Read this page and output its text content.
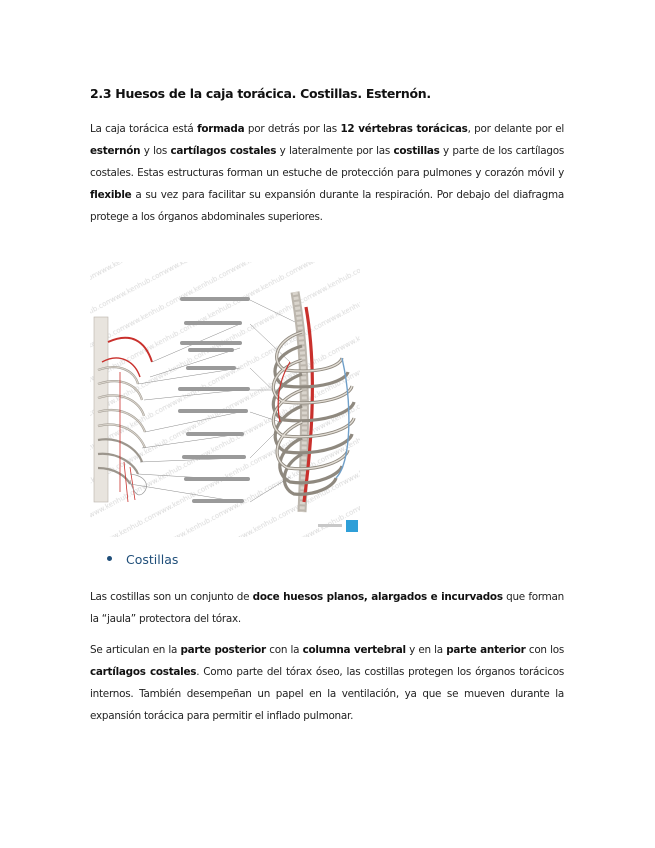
2.3 Huesos de la caja torácica. Costillas. Esternón.
La caja torácica está formada por detrás por las 12 vértebras torácicas, por delante por el esternón y los cartílagos costales y lateralmente por las costillas y parte de los cartílagos costales. Estas estructuras forman un estuche de protección para pulmones y corazón móvil y flexible a su vez para facilitar su expansión durante la respiración. Por debajo del diafragma protege a los órganos abdominales superiores.
Costillas
Las costillas son un conjunto de doce huesos planos, alargados e incurvados que forman la “jaula” protectora del tórax.
Se articulan en la parte posterior con la columna vertebral y en la parte anterior con los cartílagos costales. Como parte del tórax óseo, las costillas protegen los órganos torácicos internos. También desempeñan un papel en la ventilación, ya que se mueven durante la expansión torácica para permitir el inflado pulmonar.
